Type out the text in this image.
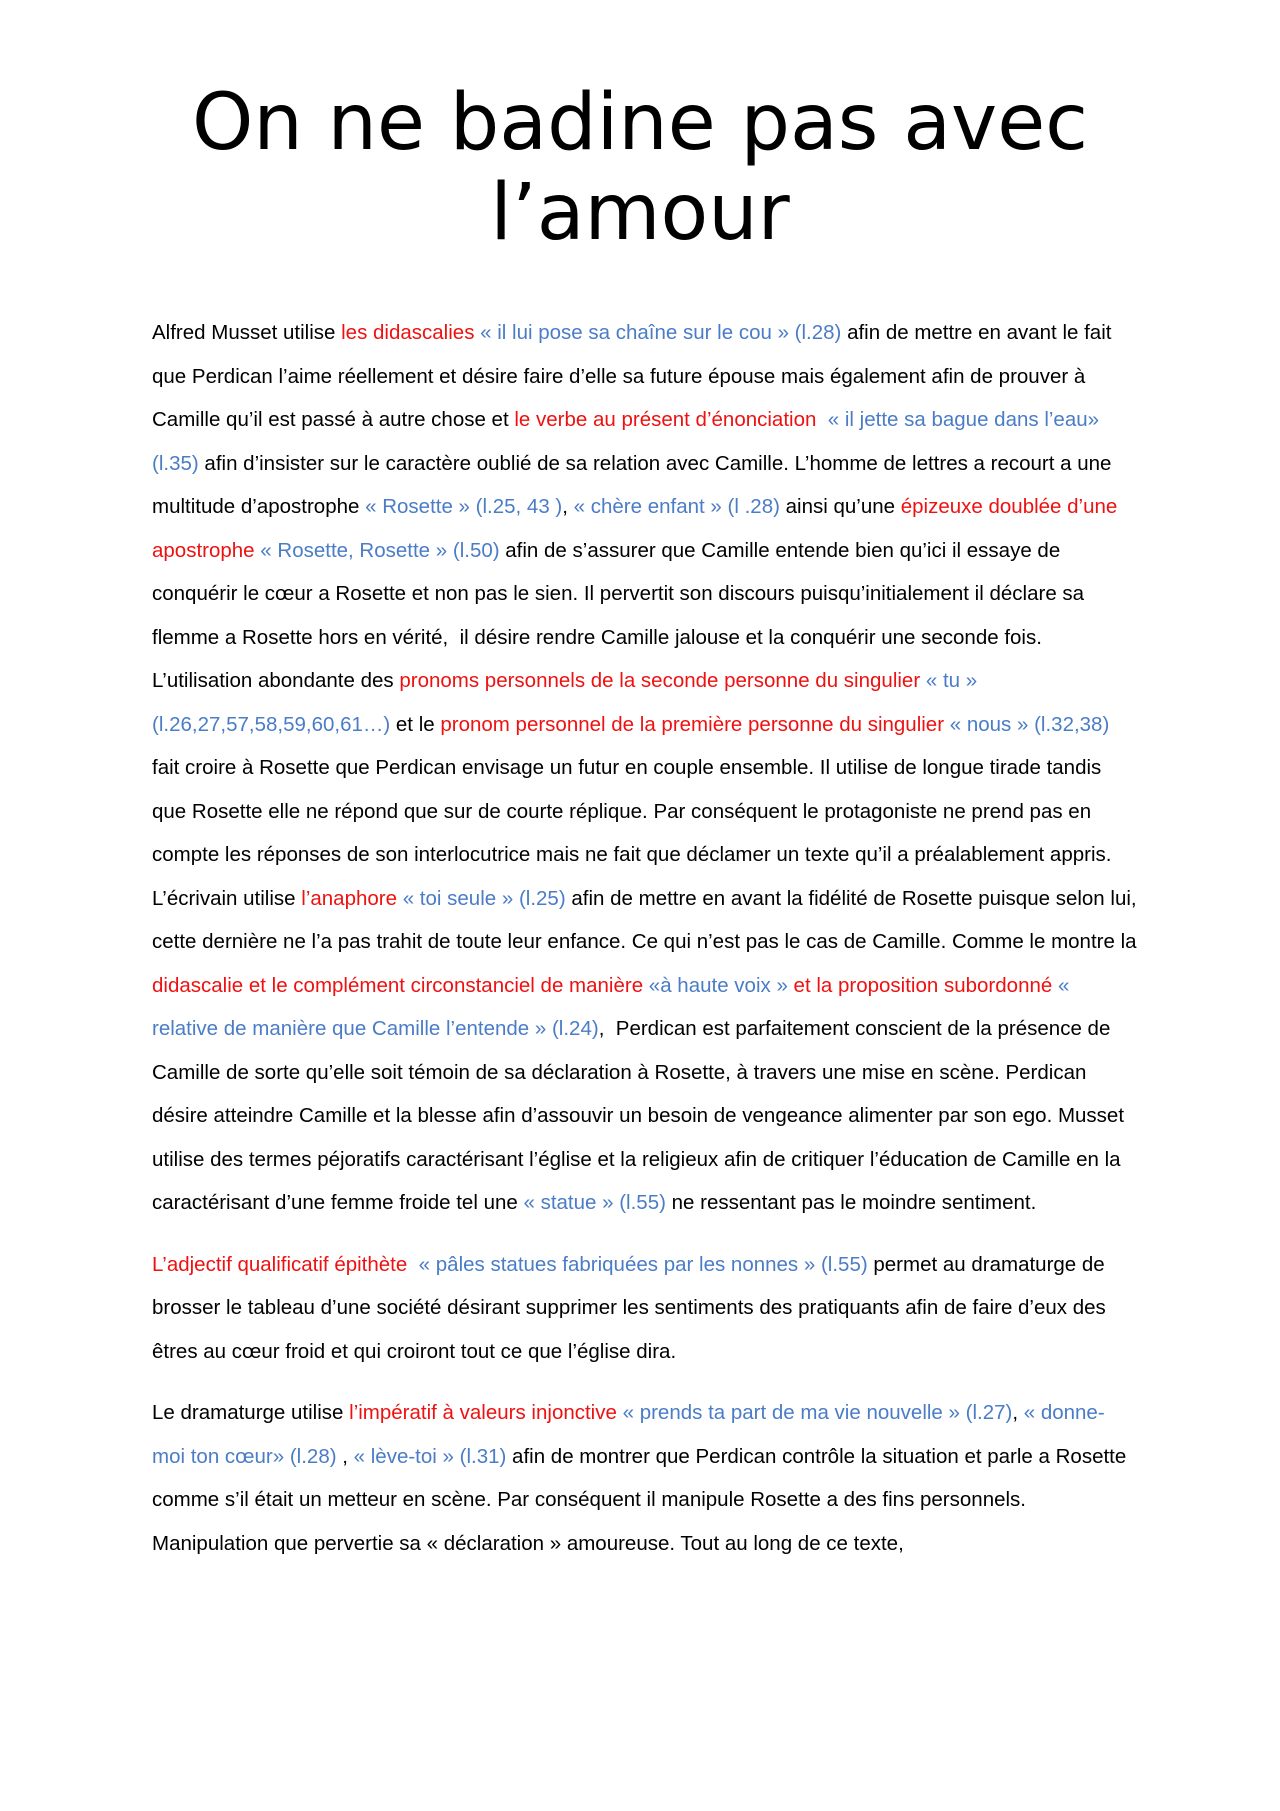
On ne badine pas avec l’amour

Alfred Musset utilise les didascalies « il lui pose sa chaîne sur le cou » (l.28) afin de mettre en avant le fait que Perdican l’aime réellement et désire faire d’elle sa future épouse mais également afin de prouver à Camille qu’il est passé à autre chose et le verbe au présent d’énonciation  « il jette sa bague dans l’eau» (l.35) afin d’insister sur le caractère oublié de sa relation avec Camille. L’homme de lettres a recourt a une multitude d’apostrophe « Rosette » (l.25, 43 ), « chère enfant » (l .28) ainsi qu’une épizeuxe doublée d’une apostrophe « Rosette, Rosette » (l.50) afin de s’assurer que Camille entende bien qu’ici il essaye de conquérir le cœur a Rosette et non pas le sien. Il pervertit son discours puisqu’initialement il déclare sa flemme a Rosette hors en vérité,  il désire rendre Camille jalouse et la conquérir une seconde fois. L’utilisation abondante des pronoms personnels de la seconde personne du singulier « tu » (l.26,27,57,58,59,60,61…) et le pronom personnel de la première personne du singulier « nous » (l.32,38) fait croire à Rosette que Perdican envisage un futur en couple ensemble. Il utilise de longue tirade tandis que Rosette elle ne répond que sur de courte réplique. Par conséquent le protagoniste ne prend pas en compte les réponses de son interlocutrice mais ne fait que déclamer un texte qu’il a préalablement appris. L’écrivain utilise l’anaphore « toi seule » (l.25) afin de mettre en avant la fidélité de Rosette puisque selon lui, cette dernière ne l’a pas trahit de toute leur enfance. Ce qui n’est pas le cas de Camille. Comme le montre la didascalie et le complément circonstanciel de manière «à haute voix » et la proposition subordonné « relative de manière que Camille l’entende » (l.24),  Perdican est parfaitement conscient de la présence de Camille de sorte qu’elle soit témoin de sa déclaration à Rosette, à travers une mise en scène. Perdican désire atteindre Camille et la blesse afin d’assouvir un besoin de vengeance alimenter par son ego. Musset utilise des termes péjoratifs caractérisant l’église et la religieux afin de critiquer l’éducation de Camille en la caractérisant d’une femme froide tel une « statue » (l.55) ne ressentant pas le moindre sentiment.

L’adjectif qualificatif épithète  « pâles statues fabriquées par les nonnes » (l.55) permet au dramaturge de brosser le tableau d’une société désirant supprimer les sentiments des pratiquants afin de faire d’eux des êtres au cœur froid et qui croiront tout ce que l’église dira.

Le dramaturge utilise l’impératif à valeurs injonctive « prends ta part de ma vie nouvelle » (l.27), « donne-moi ton cœur» (l.28) , « lève-toi » (l.31) afin de montrer que Perdican contrôle la situation et parle a Rosette comme s’il était un metteur en scène. Par conséquent il manipule Rosette a des fins personnels. Manipulation que pervertie sa « déclaration » amoureuse. Tout au long de ce texte,
